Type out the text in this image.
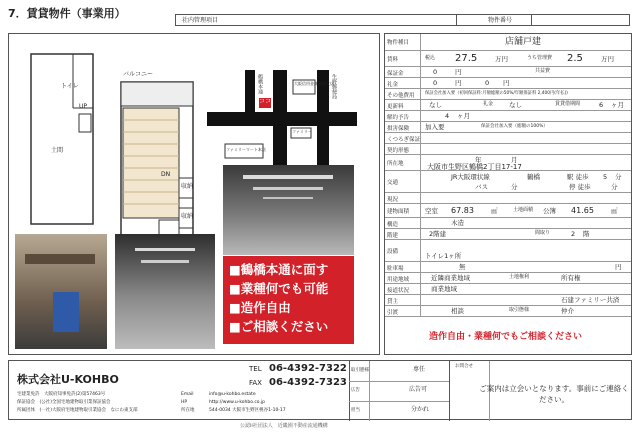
7．賃貸物件（事業用）
社内管理項目	物件番号
トイレ
UP
土間
バルコニー
DN
収納
収納
ココ
鶴橋本通	生野郵便局
大阪信用金庫鶴橋支店
ファミリー
ファミリーマート本店
■鶴橋本通に面す
■業種何でも可能
■造作自由
■ご相談ください
物件種目	店舗戸建
賃料	税込 27.5	万円	うち管理費 2.5	万円
保証金	0	円	共益費
礼金	0	円	0 円
その他費用	保証会社加入要（初回保証料:月額総額の50%/年額保証料 2,400円(年払))
更新料	なし	礼金 なし	賃貸借期間	6 ヶ月
解約予告	4 ヶ月
損害保険	加入要	保証会社加入要（総額の100%）
くつろぎ保証
契約形態
所在地	年	月
大阪市生野区鶴橋2丁目17-17
交通
JR大阪環状線	鶴橋	駅 徒歩 5 分
バス	分	停 徒歩	分
現況
建物面積	空室 67.83	㎡	土地面積 公簿 41.65	㎡
構造	木造
階建	2階建	間取り	2 階
設備	トイレ1ヶ所
駐車場	無	円
用途地域	近隣商業地域	土地権利	所有権
接道状況	商業地域
貸主	石建ファミリー共済
引渡	相談	取引態様	仲介
造作自由・業種何でもご相談ください
株式会社U-KOHBO
TEL 06-4392-7322
FAX 06-4392-7323
宅建業免許　大阪府知事免許(2)第57463号
保証協会　(公社)全国宅地建物取引業保証協会
所属団体　(一社)大阪府宅地建物取引業協会　なにわ東支部
Email	info@u-kohbo.estate
HP	http://www.u-kohbo.co.jp
所在地	544-0034 大阪市生野区桃谷1-10-17
取引態様	専任
広告	広告可
担当	分かれ
お問合せ
ご案内は立会いとなります。事前にご連絡ください。
公認ii社団法人　近畿圏不動産流通機構
